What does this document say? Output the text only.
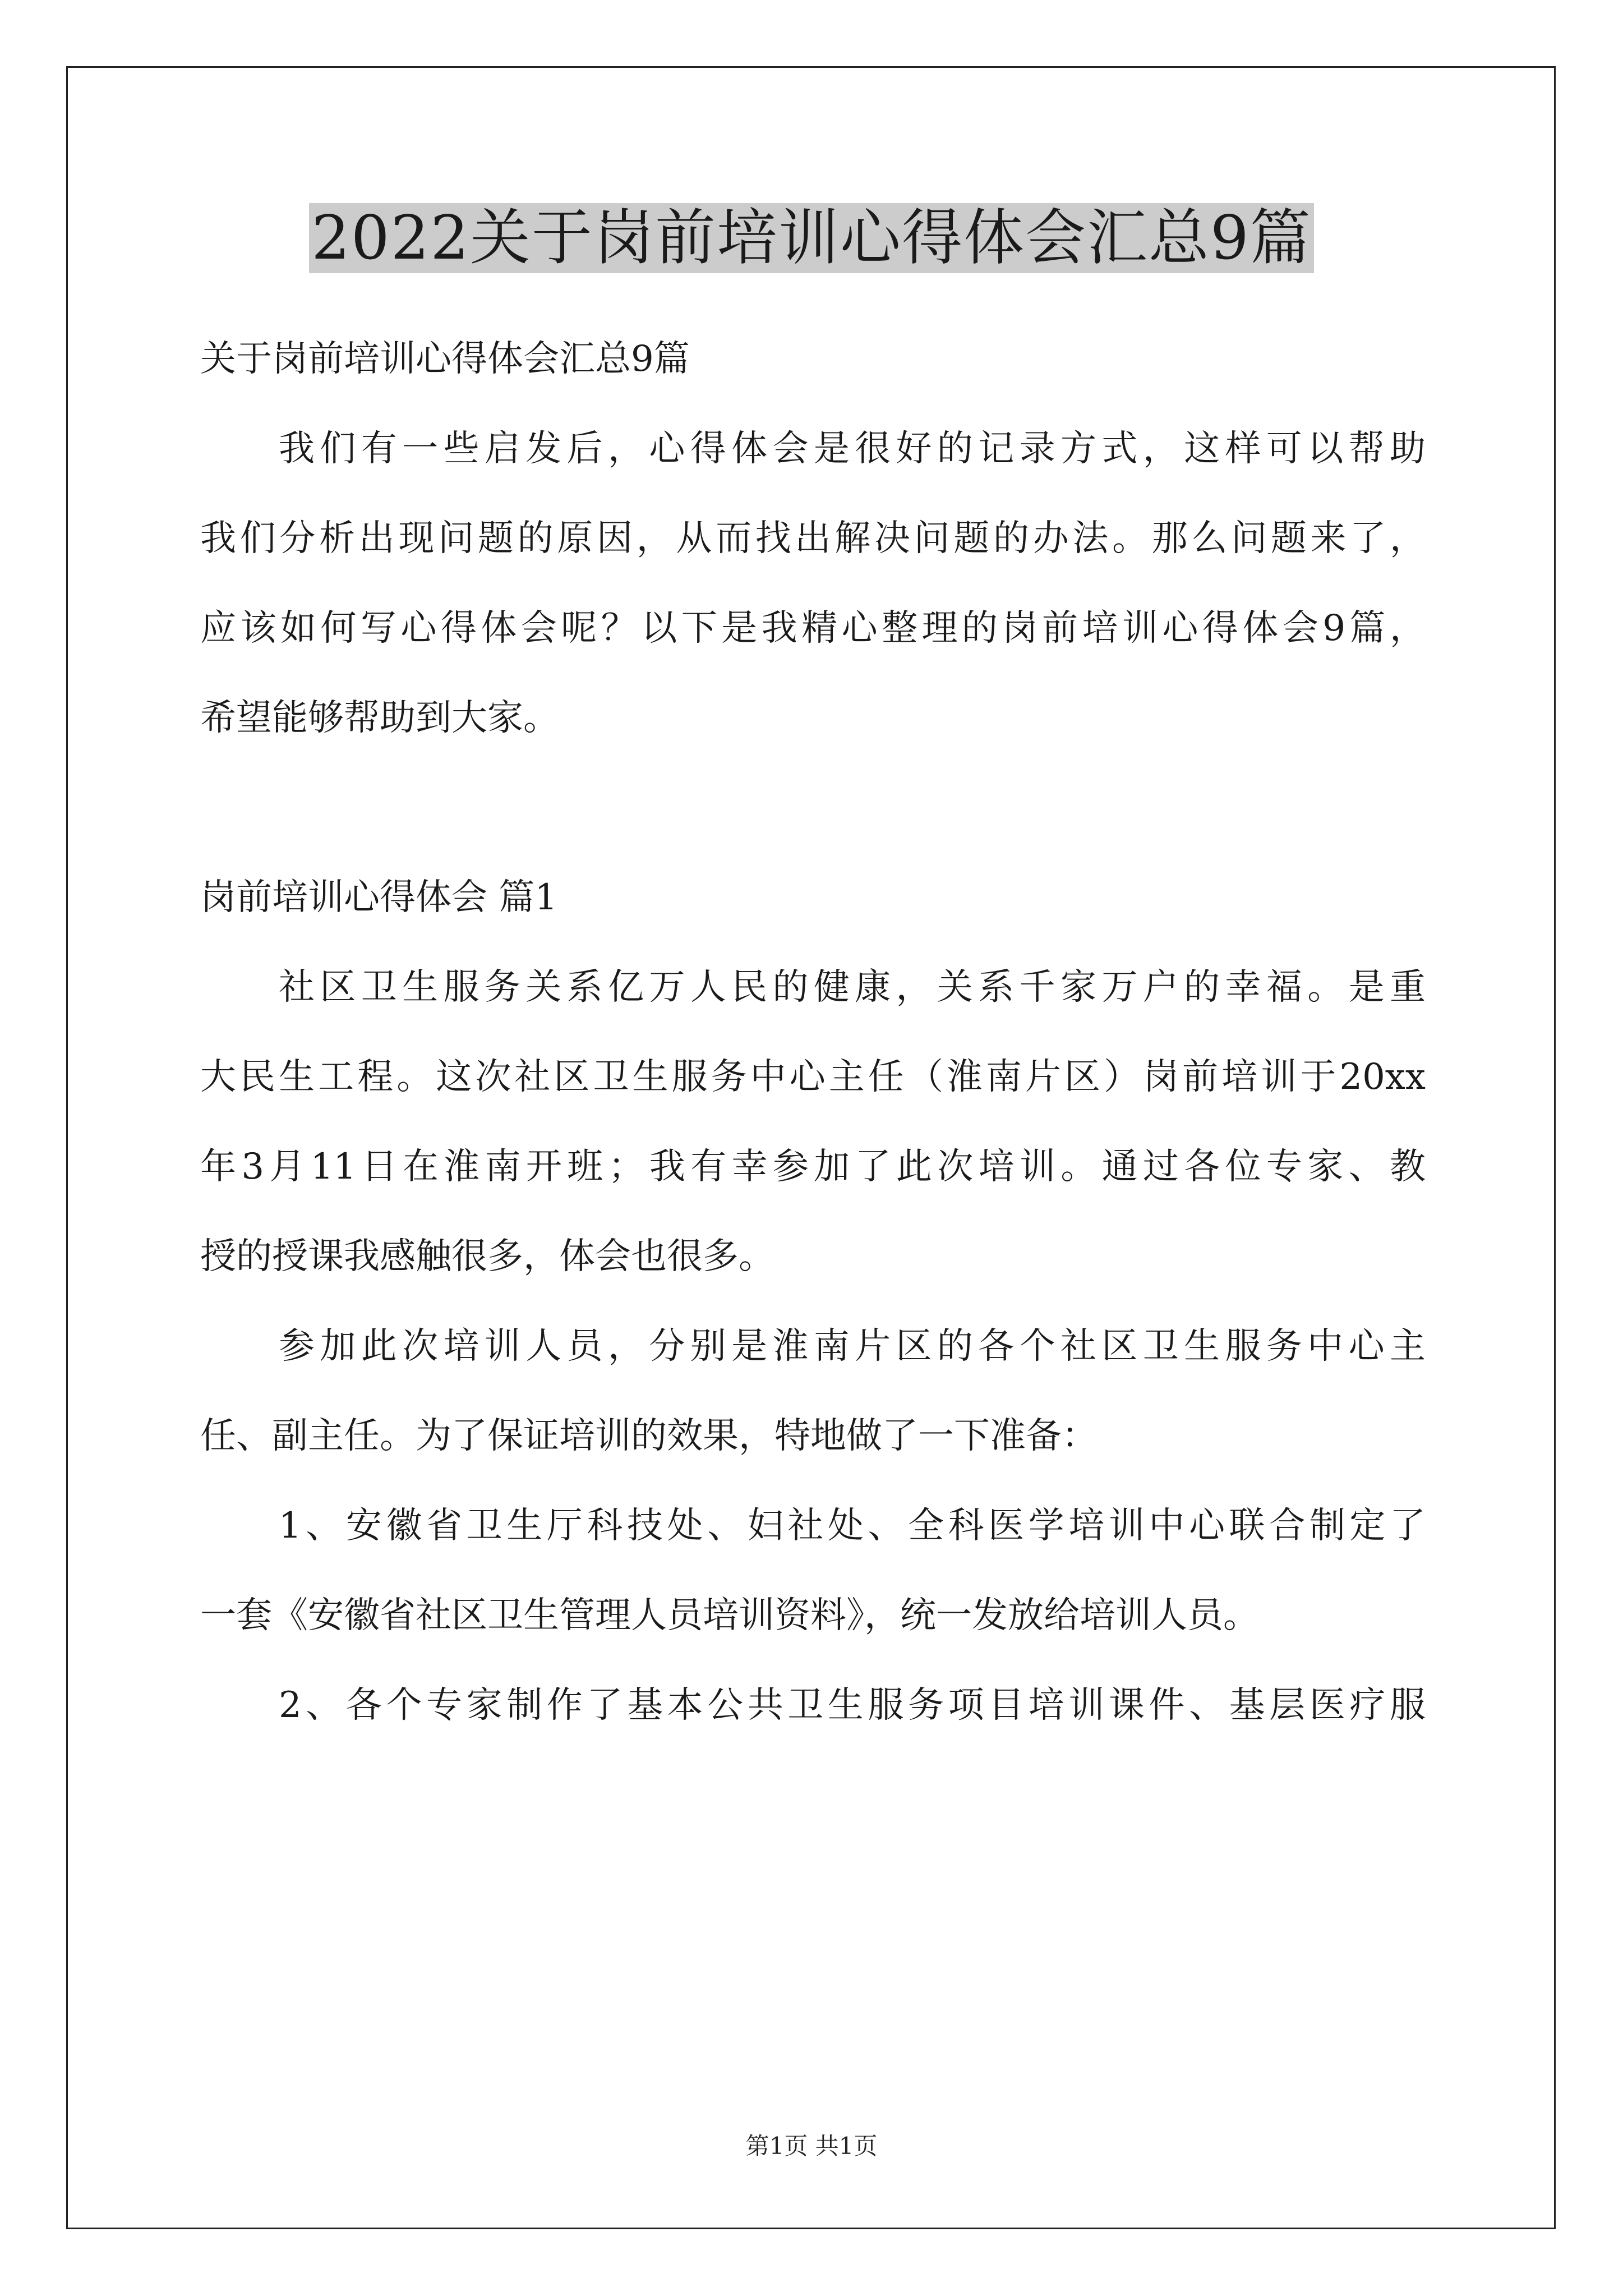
2022关于岗前培训心得体会汇总9篇
关于岗前培训心得体会汇总9篇
我们有一些启发后，心得体会是很好的记录方式，这样可以帮助
我们分析出现问题的原因，从而找出解决问题的办法。那么问题来了，
应该如何写心得体会呢？以下是我精心整理的岗前培训心得体会9篇，
希望能够帮助到大家。
岗前培训心得体会 篇1
社区卫生服务关系亿万人民的健康，关系千家万户的幸福。是重
大民生工程。这次社区卫生服务中心主任（淮南片区）岗前培训于20xx
年3月11日在淮南开班；我有幸参加了此次培训。通过各位专家、教
授的授课我感触很多，体会也很多。
参加此次培训人员，分别是淮南片区的各个社区卫生服务中心主
任、副主任。为了保证培训的效果，特地做了一下准备：
1、安徽省卫生厅科技处、妇社处、全科医学培训中心联合制定了
一套《安徽省社区卫生管理人员培训资料》，统一发放给培训人员。
2、各个专家制作了基本公共卫生服务项目培训课件、基层医疗服
第1页 共1页
